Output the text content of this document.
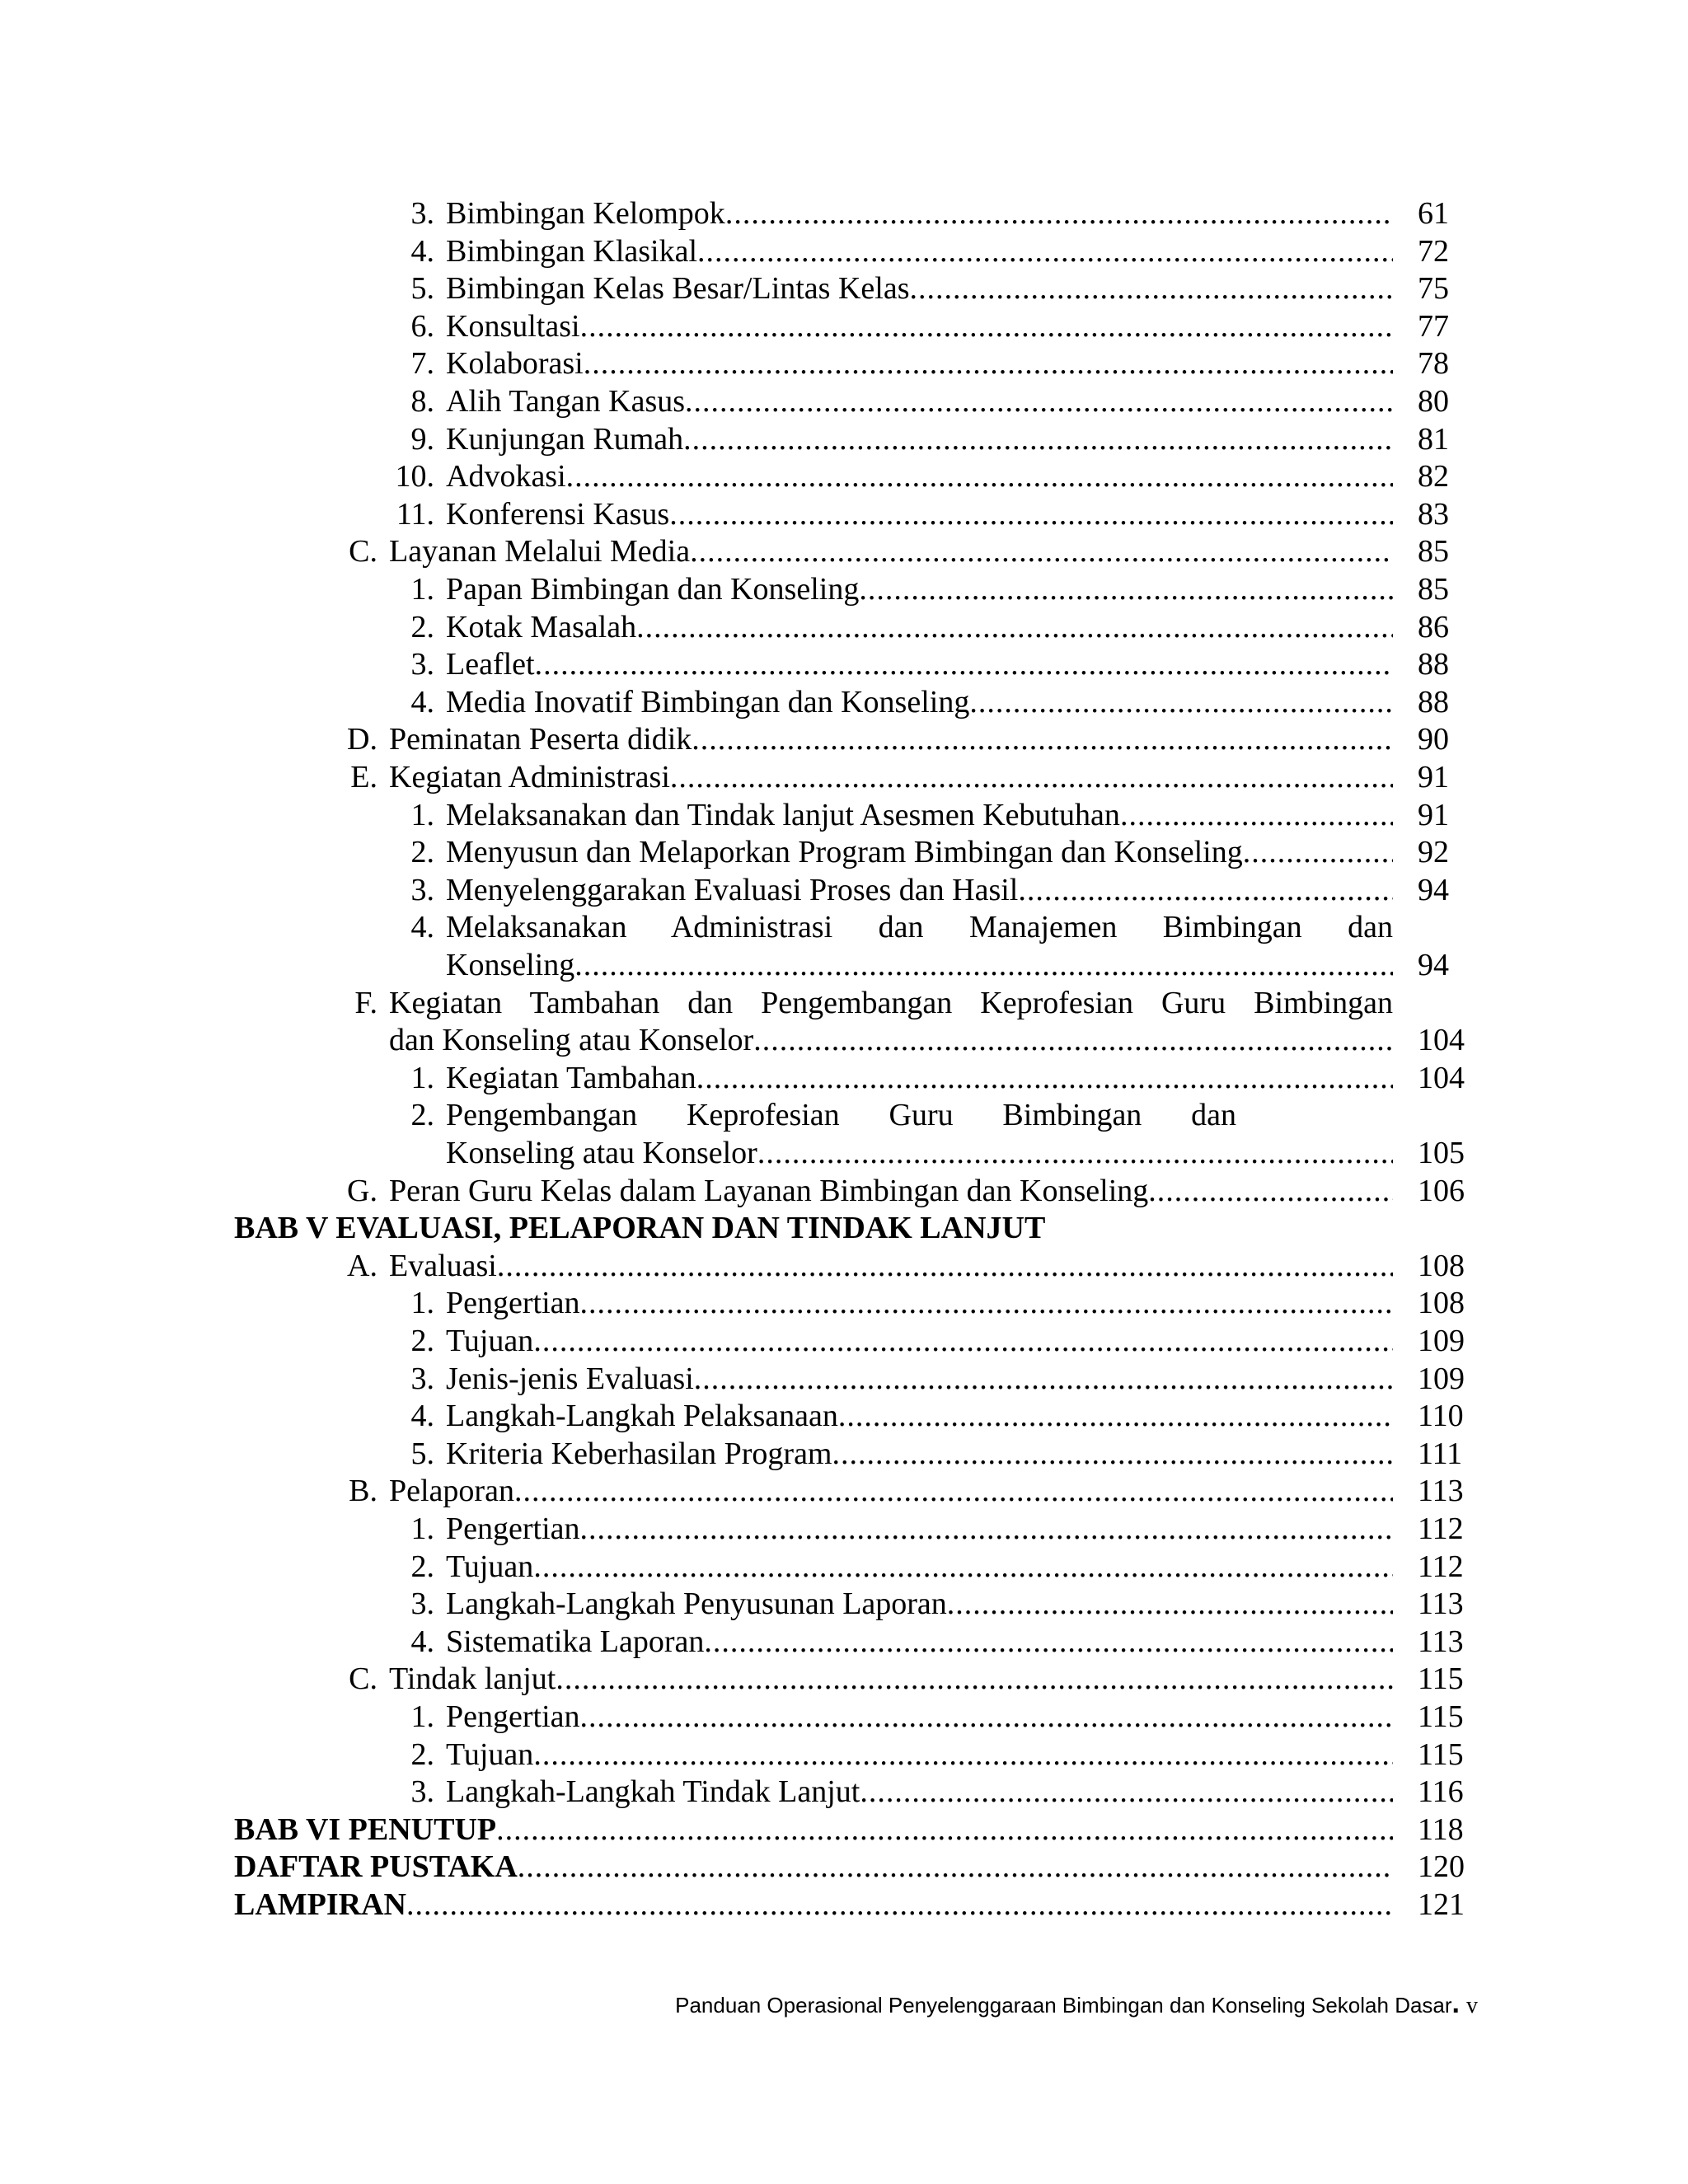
3. Bimbingan Kelompok .....	61
4. Bimbingan Klasikal .....	72
5. Bimbingan Kelas Besar/Lintas Kelas .....	75
6. Konsultasi .....	77
7. Kolaborasi .....	78
8. Alih Tangan Kasus .....	80
9. Kunjungan Rumah .....	81
10. Advokasi .....	82
11. Konferensi Kasus .....	83
C. Layanan Melalui Media .....	85
1. Papan Bimbingan dan Konseling .....	85
2. Kotak Masalah .....	86
3. Leaflet .....	88
4. Media Inovatif Bimbingan dan Konseling .....	88
D. Peminatan Peserta didik .....	90
E. Kegiatan Administrasi .....	91
1. Melaksanakan dan Tindak lanjut Asesmen Kebutuhan .....	91
2. Menyusun dan Melaporkan Program Bimbingan dan Konseling .....	92
3. Menyelenggarakan Evaluasi Proses dan Hasil .....	94
4. Melaksanakan Administrasi dan Manajemen Bimbingan dan
Konseling .....	94
F. Kegiatan Tambahan dan Pengembangan Keprofesian Guru Bimbingan
dan Konseling atau Konselor .....	104
1. Kegiatan Tambahan .....	104
2. Pengembangan Keprofesian Guru Bimbingan dan
Konseling atau Konselor .....	105
G. Peran Guru Kelas dalam Layanan Bimbingan dan Konseling .....	106
BAB V EVALUASI, PELAPORAN DAN TINDAK LANJUT
A. Evaluasi .....	108
1. Pengertian .....	108
2. Tujuan .....	109
3. Jenis-jenis Evaluasi .....	109
4. Langkah-Langkah Pelaksanaan .....	110
5. Kriteria Keberhasilan Program .....	111
B. Pelaporan .....	113
1. Pengertian .....	112
2. Tujuan .....	112
3. Langkah-Langkah Penyusunan Laporan .....	113
4. Sistematika Laporan .....	113
C. Tindak lanjut .....	115
1. Pengertian .....	115
2. Tujuan .....	115
3. Langkah-Langkah Tindak Lanjut .....	116
BAB VI PENUTUP .....	118
DAFTAR PUSTAKA .....	120
LAMPIRAN .....	121
Panduan Operasional Penyelenggaraan Bimbingan dan Konseling Sekolah Dasar. v
